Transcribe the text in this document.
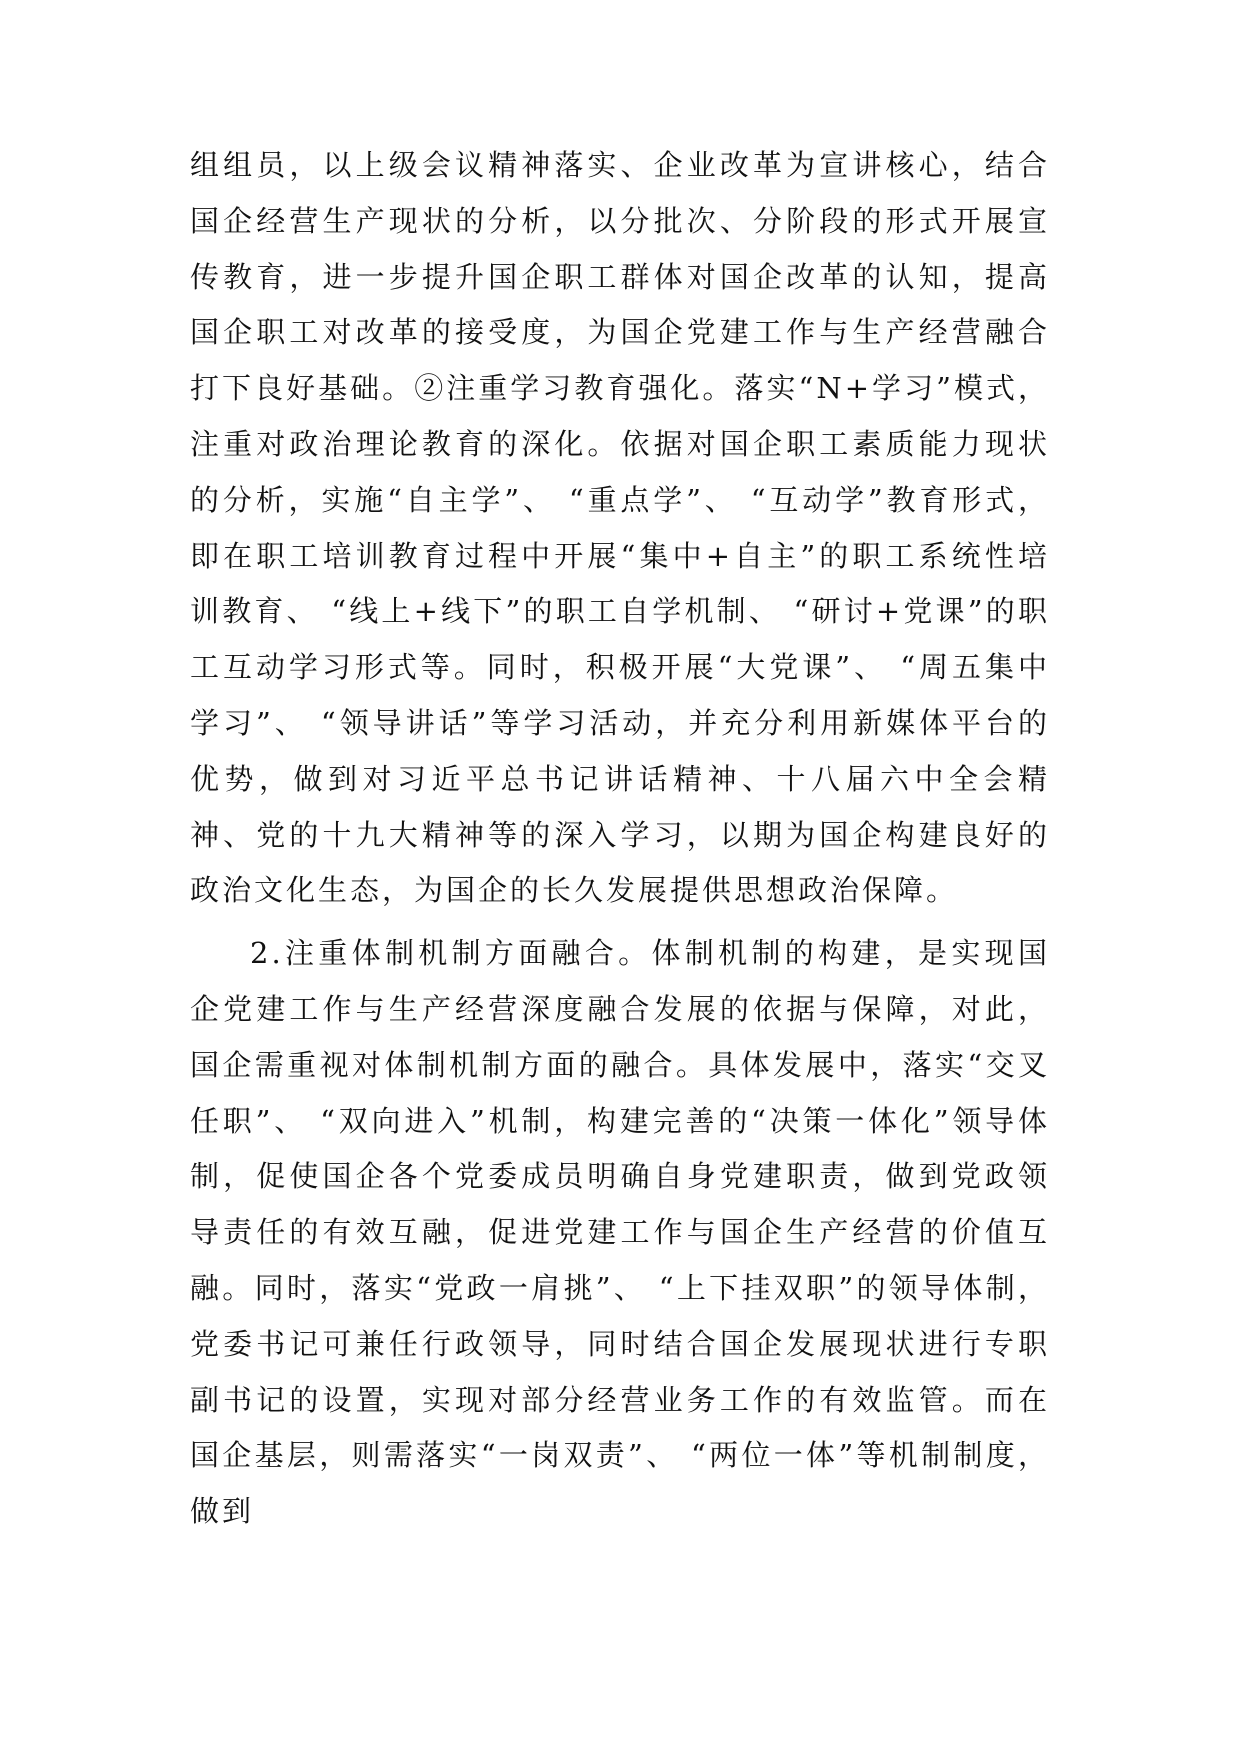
组组员，以上级会议精神落实、企业改革为宣讲核心，结合国企经营生产现状的分析，以分批次、分阶段的形式开展宣传教育，进一步提升国企职工群体对国企改革的认知，提高国企职工对改革的接受度，为国企党建工作与生产经营融合打下良好基础。②注重学习教育强化。落实“N+学习”模式，注重对政治理论教育的深化。依据对国企职工素质能力现状的分析，实施“自主学”、 “重点学”、 “互动学”教育形式，即在职工培训教育过程中开展“集中+自主”的职工系统性培训教育、 “线上+线下”的职工自学机制、 “研讨+党课”的职工互动学习形式等。同时，积极开展“大党课”、 “周五集中学习”、 “领导讲话”等学习活动，并充分利用新媒体平台的优势，做到对习近平总书记讲话精神、十八届六中全会精神、党的十九大精神等的深入学习，以期为国企构建良好的政治文化生态，为国企的长久发展提供思想政治保障。

2.注重体制机制方面融合。体制机制的构建，是实现国企党建工作与生产经营深度融合发展的依据与保障，对此，国企需重视对体制机制方面的融合。具体发展中，落实“交叉任职”、 “双向进入”机制，构建完善的“决策一体化”领导体制，促使国企各个党委成员明确自身党建职责，做到党政领导责任的有效互融，促进党建工作与国企生产经营的价值互融。同时，落实“党政一肩挑”、 “上下挂双职”的领导体制，党委书记可兼任行政领导，同时结合国企发展现状进行专职副书记的设置，实现对部分经营业务工作的有效监管。而在国企基层，则需落实“一岗双责”、 “两位一体”等机制制度，做到
